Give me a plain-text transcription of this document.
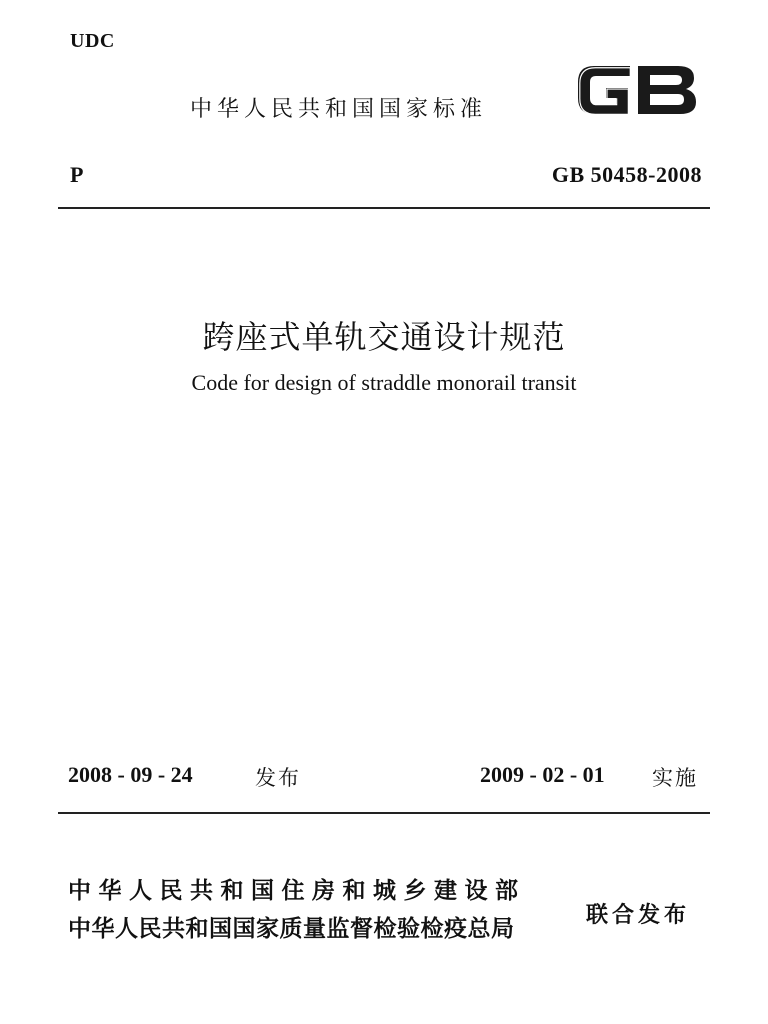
UDC
中华人民共和国国家标准
GB
P	GB 50458-2008
跨座式单轨交通设计规范
Code for design of straddle monorail transit
2008 - 09 - 24	发布	2009 - 02 - 01 实施
中华人民共和国住房和城乡建设部
中华人民共和国国家质量监督检验检疫总局
联合发布
